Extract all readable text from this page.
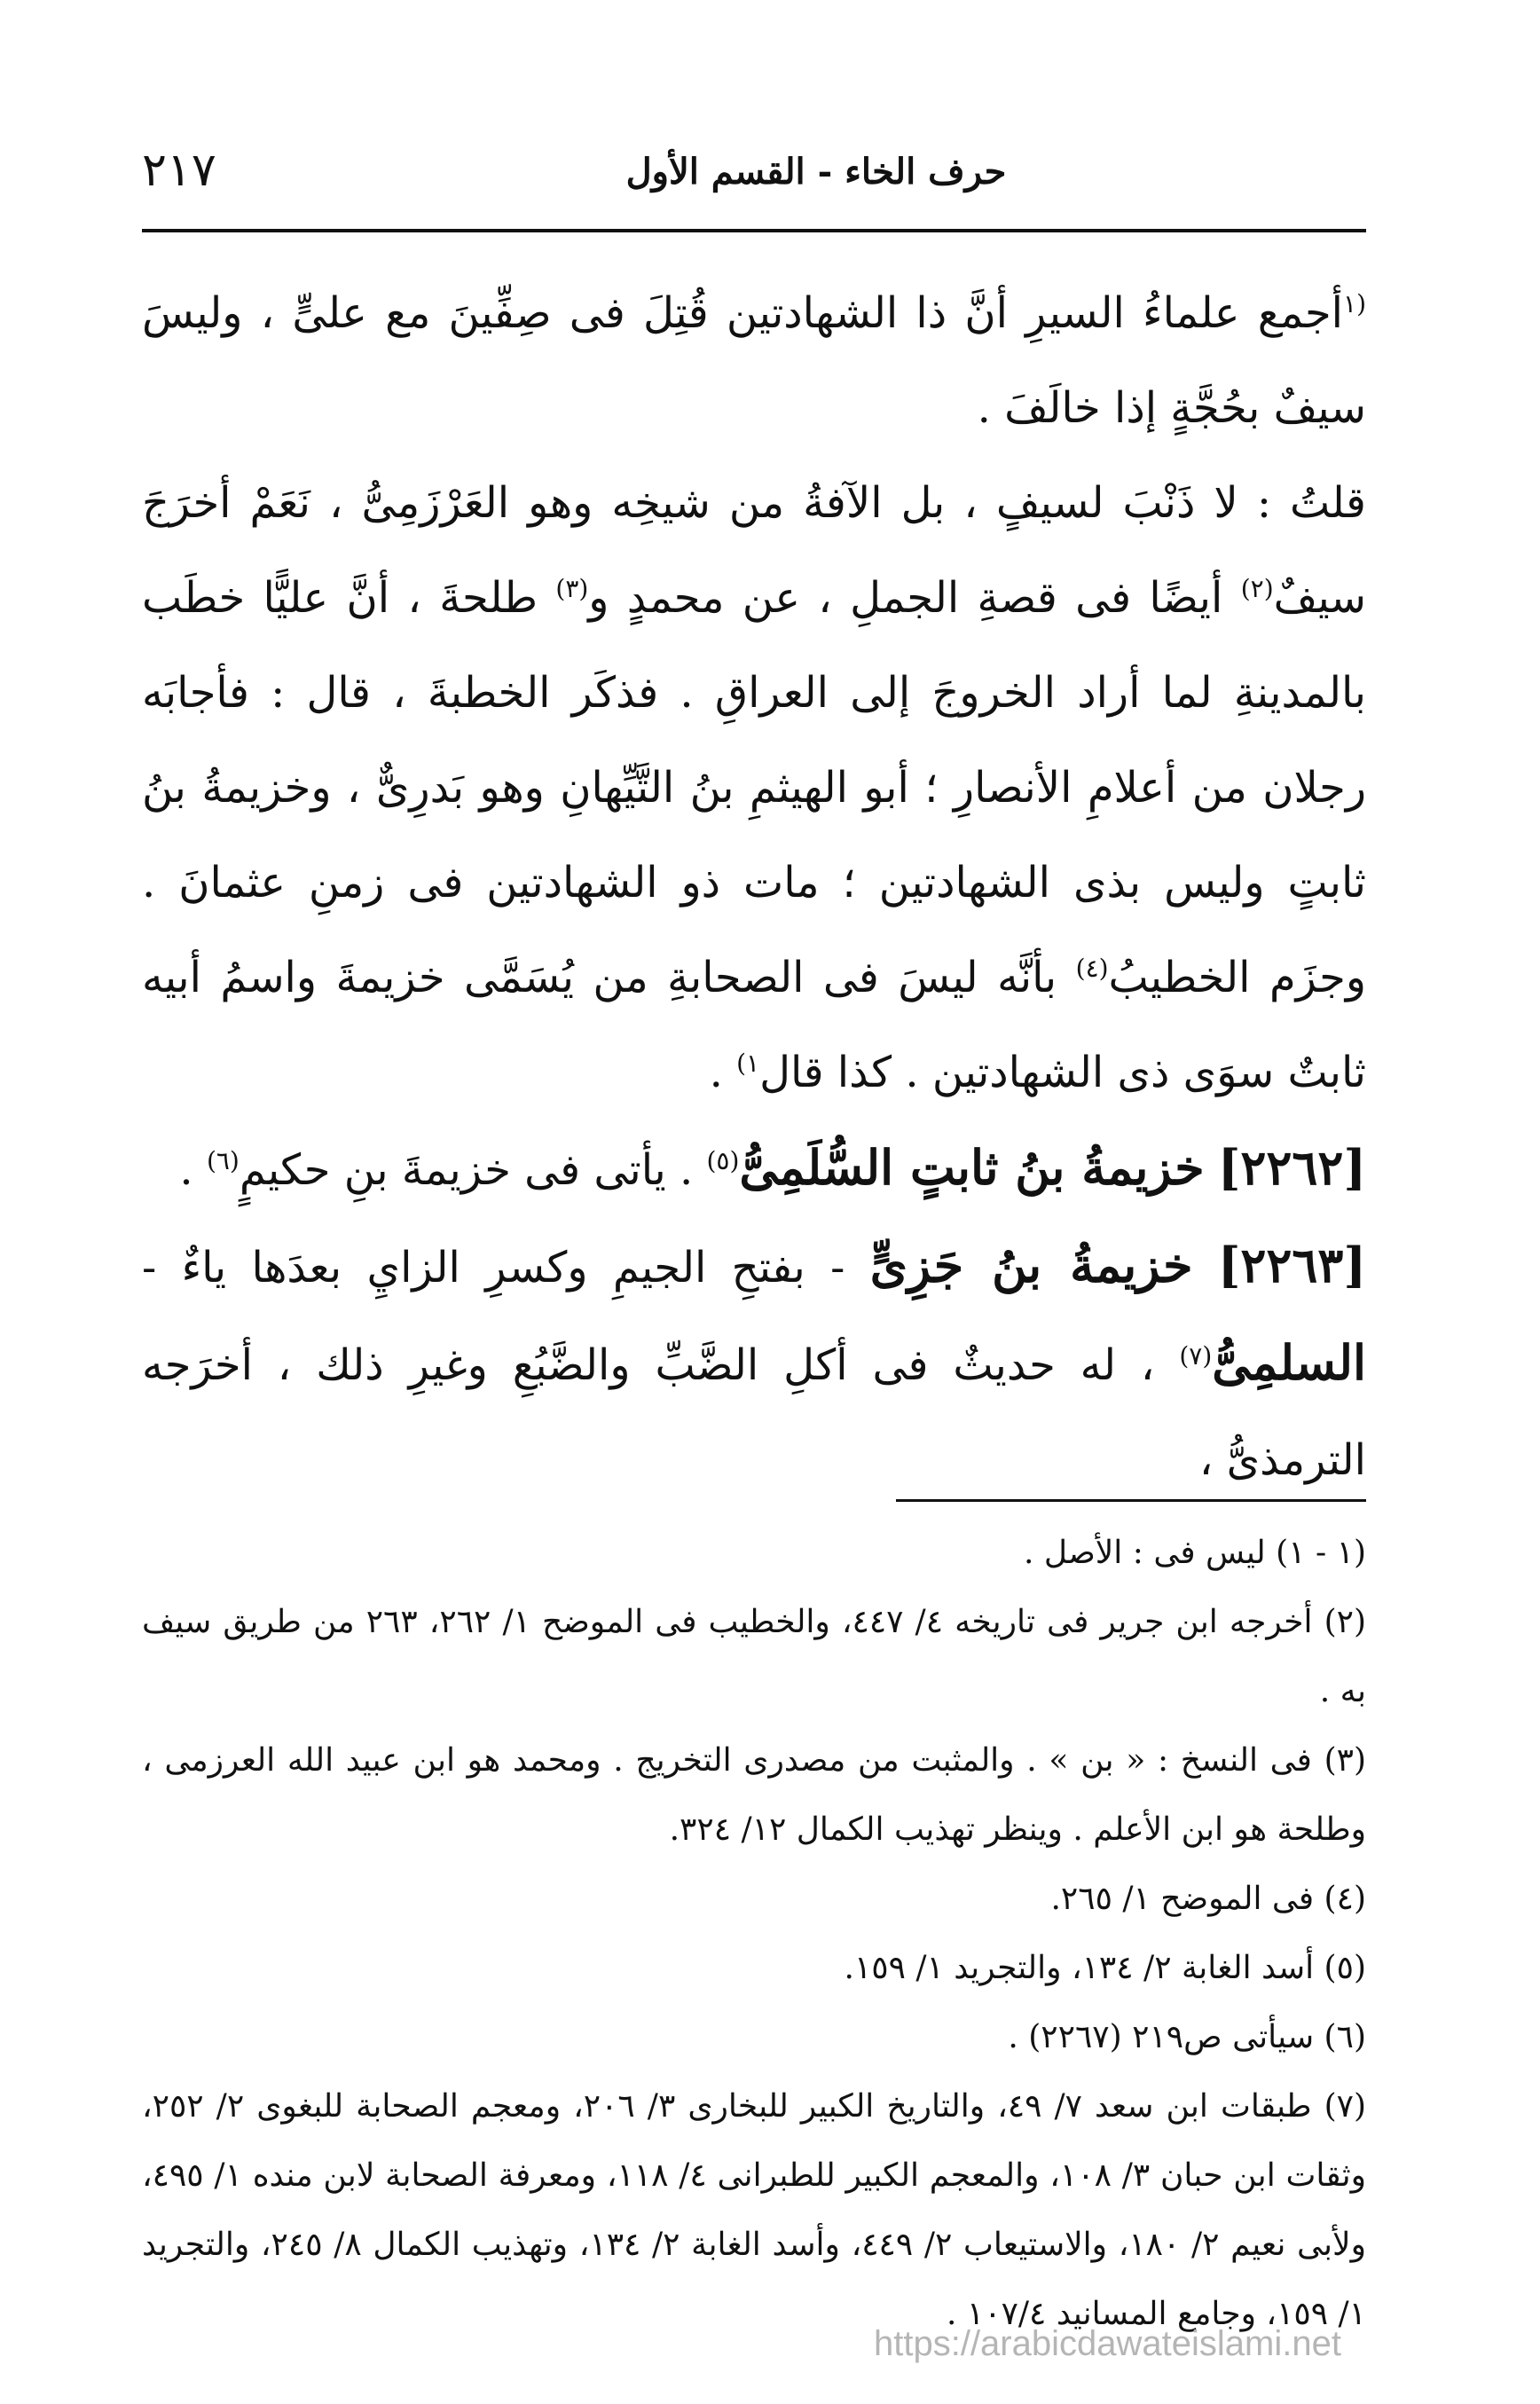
٢١٧	حرف الخاء - القسم الأول

$^{(١}$أجمع علماءُ السيرِ أنَّ ذا الشهادتين قُتِلَ فى صِفِّينَ مع علىٍّ ، وليسَ سيفٌ بحُجَّةٍ إذا خالَفَ .

قلتُ : لا ذَنْبَ لسيفٍ ، بل الآفةُ من شيخِه وهو العَرْزَمِىُّ ، نَعَمْ أخرَجَ سيفٌ$^{(٢)}$ أيضًا فى قصةِ الجملِ ، عن محمدٍ و$^{(٣)}$ طلحةَ ، أنَّ عليًّا خطَب بالمدينةِ لما أراد الخروجَ إلى العراقِ . فذكَر الخطبةَ ، قال : فأجابَه رجلان من أعلامِ الأنصارِ ؛ أبو الهيثمِ بنُ التَّيِّهانِ وهو بَدرِىٌّ ، وخزيمةُ بنُ ثابتٍ وليس بذى الشهادتين ؛ مات ذو الشهادتين فى زمنِ عثمانَ . وجزَم الخطيبُ$^{(٤)}$ بأنَّه ليسَ فى الصحابةِ من يُسَمَّى خزيمةَ واسمُ أبيه ثابتٌ سوَى ذى الشهادتين . كذا قال$^{١)}$ .

[٢٢٦٢] خزيمةُ بنُ ثابتٍ السُّلَمِىُّ$^{(٥)}$ . يأتى فى خزيمةَ بنِ حكيمٍ$^{(٦)}$ .

[٢٢٦٣] خزيمةُ بنُ جَزِىٍّ - بفتحِ الجيمِ وكسرِ الزايِ بعدَها ياءٌ - السلمِىُّ$^{(٧)}$ ، له حديثٌ فى أكلِ الضَّبِّ والضَّبُعِ وغيرِ ذلك ، أخرَجه الترمذىُّ ،

(١ - ١) ليس فى : الأصل .

(٢) أخرجه ابن جرير فى تاريخه ٤/ ٤٤٧، والخطيب فى الموضح ١/ ٢٦٢، ٢٦٣ من طريق سيف به .

(٣) فى النسخ : « بن » . والمثبت من مصدرى التخريج . ومحمد هو ابن عبيد الله العرزمى ، وطلحة هو ابن الأعلم . وينظر تهذيب الكمال ١٢/ ٣٢٤.

(٤) فى الموضح ١/ ٢٦٥.

(٥) أسد الغابة ٢/ ١٣٤، والتجريد ١/ ١٥٩.

(٦) سيأتى ص٢١٩ (٢٢٦٧) .

(٧) طبقات ابن سعد ٧/ ٤٩، والتاريخ الكبير للبخارى ٣/ ٢٠٦، ومعجم الصحابة للبغوى ٢/ ٢٥٢، وثقات ابن حبان ٣/ ١٠٨، والمعجم الكبير للطبرانى ٤/ ١١٨، ومعرفة الصحابة لابن منده ١/ ٤٩٥، ولأبى نعيم ٢/ ١٨٠، والاستيعاب ٢/ ٤٤٩، وأسد الغابة ٢/ ١٣٤، وتهذيب الكمال ٨/ ٢٤٥، والتجريد ١/ ١٥٩، وجامع المسانيد ١٠٧/٤ .

https://arabicdawateislami.net
